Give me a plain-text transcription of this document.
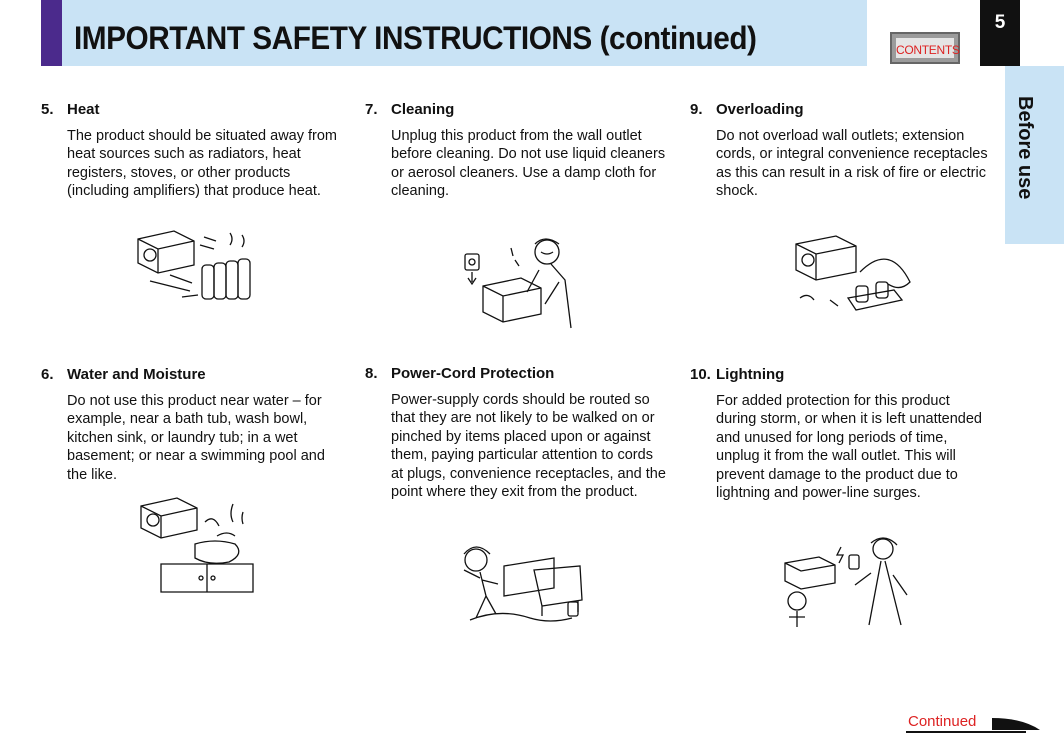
IMPORTANT SAFETY INSTRUCTIONS (continued)	CONTENTS
5
Before use
5. Heat
The product should be situated away from heat sources such as radiators, heat registers, stoves, or other products (including amplifiers) that produce heat.
6. Water and Moisture
Do not use this product near water – for example, near a bath tub, wash bowl, kitchen sink, or laundry tub; in a wet basement; or near a swimming pool and the like.
7. Cleaning
Unplug this product from the wall outlet before cleaning. Do not use liquid cleaners or aerosol cleaners. Use a damp cloth for cleaning.
8. Power-Cord Protection
Power-supply cords should be routed so that they are not likely to be walked on or pinched by items placed upon or against them, paying particular attention to cords at plugs, convenience receptacles, and the point where they exit from the product.
9. Overloading
Do not overload wall outlets; extension cords, or integral convenience receptacles as this can result in a risk of fire or electric shock.
10. Lightning
For added protection for this product during storm, or when it is left unattended and unused for long periods of time, unplug it from the wall outlet. This will prevent damage to the product due to lightning and power-line surges.
Continued
